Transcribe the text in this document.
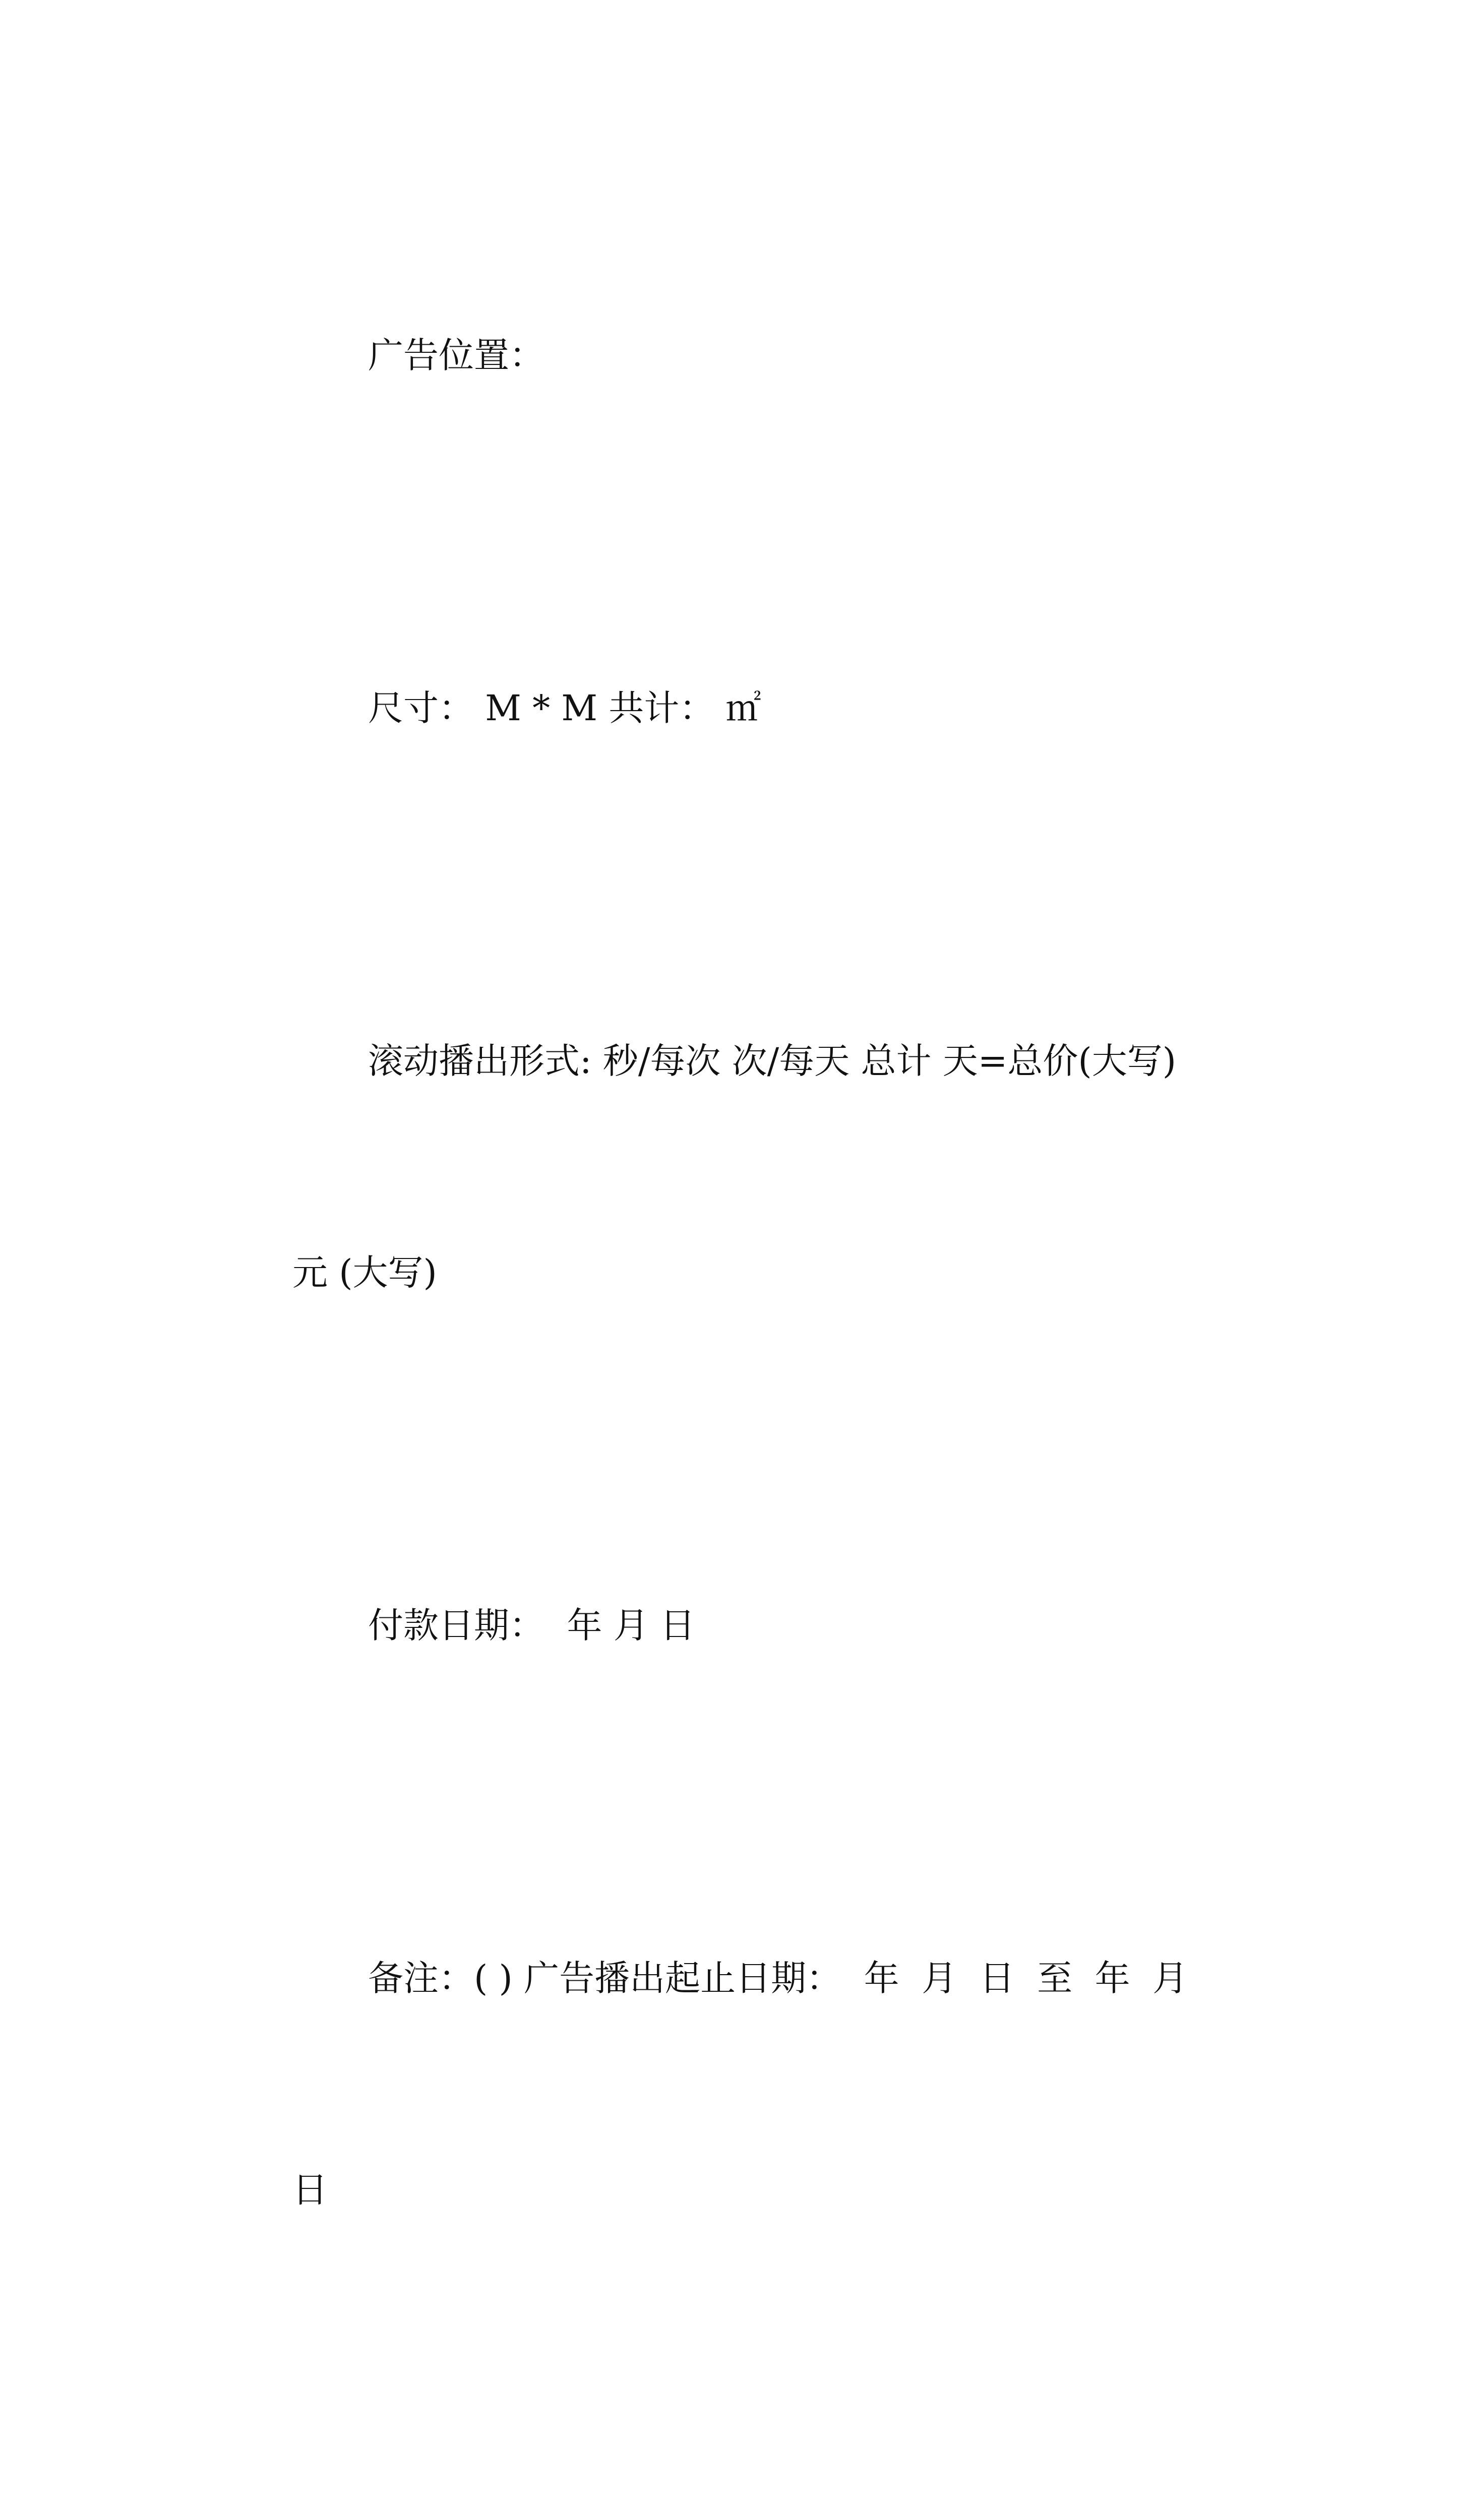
广告位置：

尺寸： M * M 共计： ㎡

滚动播出形式: 秒/每次 次/每天 总计 天=总价(大写)

元 (大写)

付款日期：  年 月 日

备注：( ) 广告播出起止日期：  年  月  日  至  年  月

日
